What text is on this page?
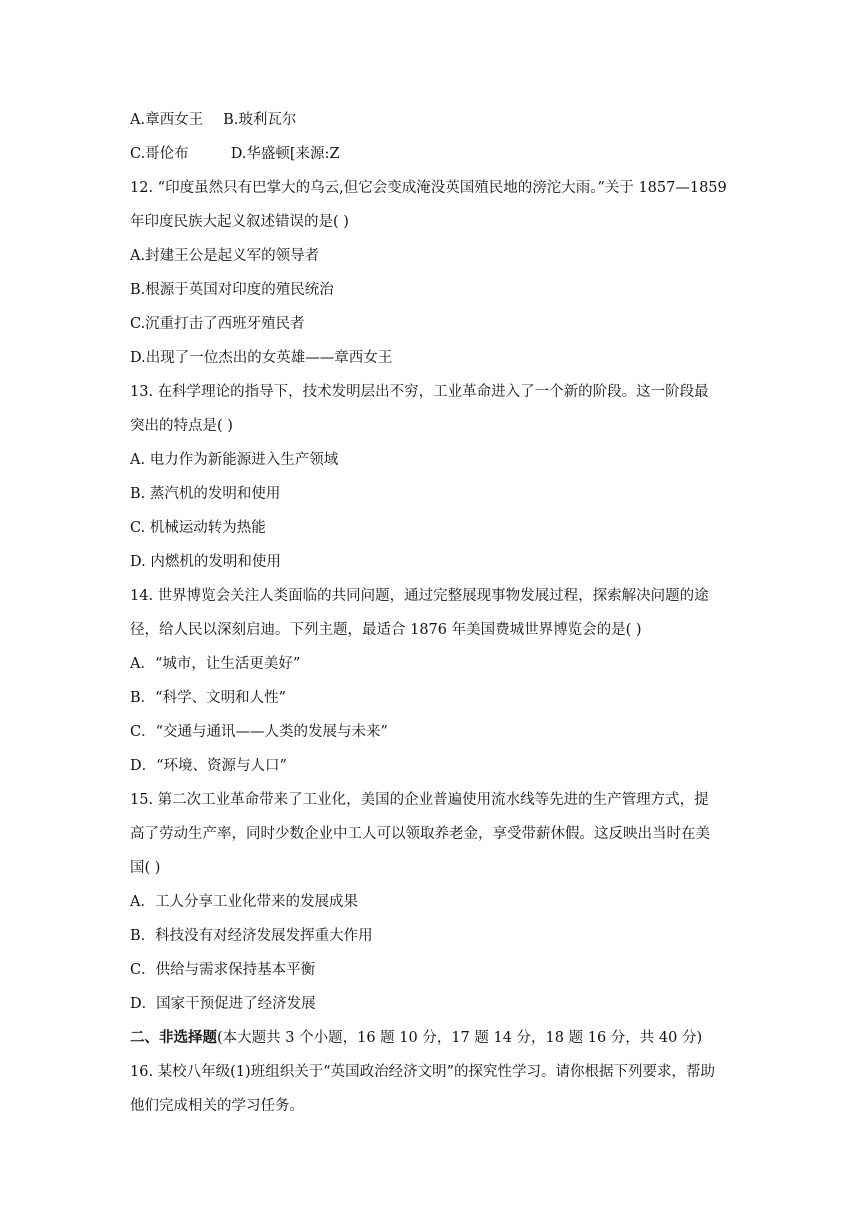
A.章西女王 B.玻利瓦尔
C.哥伦布	D.华盛顿[来源:Z
12. “印度虽然只有巴掌大的乌云,但它会变成淹没英国殖民地的滂沱大雨。”关于 1857—1859
年印度民族大起义叙述错误的是( )
A.封建王公是起义军的领导者
B.根源于英国对印度的殖民统治
C.沉重打击了西班牙殖民者
D.出现了一位杰出的女英雄——章西女王
13. 在科学理论的指导下，技术发明层出不穷，工业革命进入了一个新的阶段。这一阶段最
突出的特点是( )
A. 电力作为新能源进入生产领域
B. 蒸汽机的发明和使用
C. 机械运动转为热能
D. 内燃机的发明和使用
14. 世界博览会关注人类面临的共同问题，通过完整展现事物发展过程，探索解决问题的途
径，给人民以深刻启迪。下列主题，最适合 1876 年美国费城世界博览会的是( )
A．“城市，让生活更美好”
B．“科学、文明和人性”
C．“交通与通讯——人类的发展与未来”
D．“环境、资源与人口”
15. 第二次工业革命带来了工业化，美国的企业普遍使用流水线等先进的生产管理方式，提
高了劳动生产率，同时少数企业中工人可以领取养老金，享受带薪休假。这反映出当时在美
国( )
A．工人分享工业化带来的发展成果
B．科技没有对经济发展发挥重大作用
C．供给与需求保持基本平衡
D．国家干预促进了经济发展
二、非选择题(本大题共 3 个小题，16 题 10 分，17 题 14 分，18 题 16 分，共 40 分)
16. 某校八年级(1)班组织关于“英国政治经济文明”的探究性学习。请你根据下列要求，帮助
他们完成相关的学习任务。
